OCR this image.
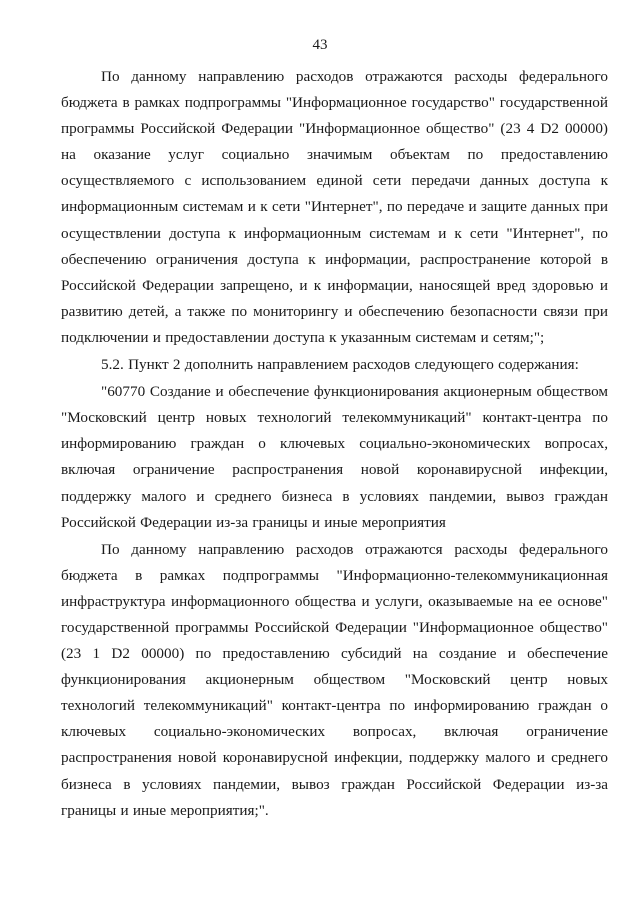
43

По данному направлению расходов отражаются расходы федерального бюджета в рамках подпрограммы "Информационное государство" государственной программы Российской Федерации "Информационное общество" (23 4 D2 00000) на оказание услуг социально значимым объектам по предоставлению осуществляемого с использованием единой сети передачи данных доступа к информационным системам и к сети "Интернет", по передаче и защите данных при осуществлении доступа к информационным системам и к сети "Интернет", по обеспечению ограничения доступа к информации, распространение которой в Российской Федерации запрещено, и к информации, наносящей вред здоровью и развитию детей, а также по мониторингу и обеспечению безопасности связи при подключении и предоставлении доступа к указанным системам и сетям;";

5.2. Пункт 2 дополнить направлением расходов следующего содержания:

"60770 Создание и обеспечение функционирования акционерным обществом "Московский центр новых технологий телекоммуникаций" контакт-центра по информированию граждан о ключевых социально-экономических вопросах, включая ограничение распространения новой коронавирусной инфекции, поддержку малого и среднего бизнеса в условиях пандемии, вывоз граждан Российской Федерации из-за границы и иные мероприятия

По данному направлению расходов отражаются расходы федерального бюджета в рамках подпрограммы "Информационно-телекоммуникационная инфраструктура информационного общества и услуги, оказываемые на ее основе" государственной программы Российской Федерации "Информационное общество" (23 1 D2 00000) по предоставлению субсидий на создание и обеспечение функционирования акционерным обществом "Московский центр новых технологий телекоммуникаций" контакт-центра по информированию граждан о ключевых социально-экономических вопросах, включая ограничение распространения новой коронавирусной инфекции, поддержку малого и среднего бизнеса в условиях пандемии, вывоз граждан Российской Федерации из-за границы и иные мероприятия;".
